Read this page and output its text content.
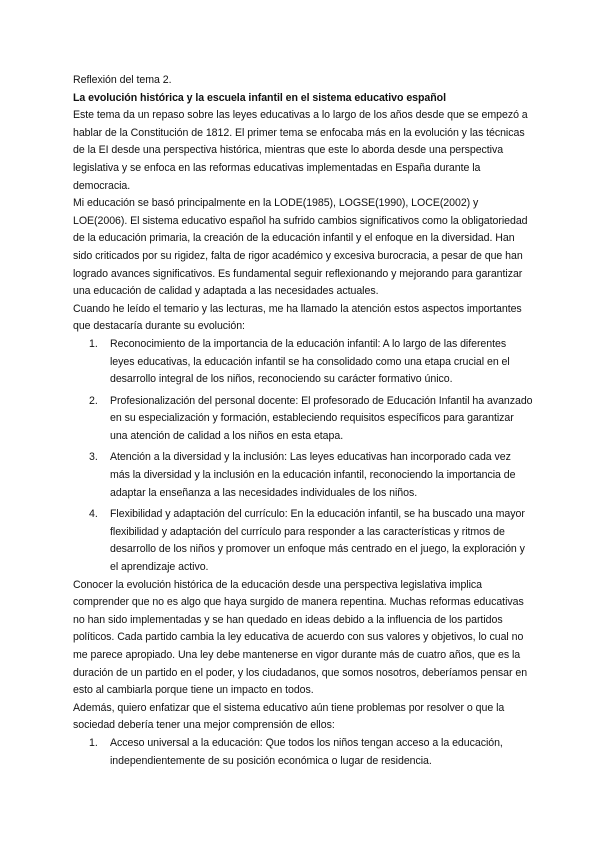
Reflexión del tema 2.

La evolución histórica y la escuela infantil en el sistema educativo español

Este tema da un repaso sobre las leyes educativas a lo largo de los años desde que se empezó a hablar de la Constitución de 1812. El primer tema se enfocaba más en la evolución y las técnicas de la EI desde una perspectiva histórica, mientras que este lo aborda desde una perspectiva legislativa y se enfoca en las reformas educativas implementadas en España durante la democracia.

Mi educación se basó principalmente en la LODE(1985), LOGSE(1990), LOCE(2002) y LOE(2006). El sistema educativo español ha sufrido cambios significativos como la obligatoriedad de la educación primaria, la creación de la educación infantil y el enfoque en la diversidad. Han sido criticados por su rigidez, falta de rigor académico y excesiva burocracia, a pesar de que han logrado avances significativos. Es fundamental seguir reflexionando y mejorando para garantizar una educación de calidad y adaptada a las necesidades actuales.

Cuando he leído el temario y las lecturas, me ha llamado la atención estos aspectos importantes que destacaría durante su evolución:

1. Reconocimiento de la importancia de la educación infantil: A lo largo de las diferentes leyes educativas, la educación infantil se ha consolidado como una etapa crucial en el desarrollo integral de los niños, reconociendo su carácter formativo único.
2. Profesionalización del personal docente: El profesorado de Educación Infantil ha avanzado en su especialización y formación, estableciendo requisitos específicos para garantizar una atención de calidad a los niños en esta etapa.
3. Atención a la diversidad y la inclusión: Las leyes educativas han incorporado cada vez más la diversidad y la inclusión en la educación infantil, reconociendo la importancia de adaptar la enseñanza a las necesidades individuales de los niños.
4. Flexibilidad y adaptación del currículo: En la educación infantil, se ha buscado una mayor flexibilidad y adaptación del currículo para responder a las características y ritmos de desarrollo de los niños y promover un enfoque más centrado en el juego, la exploración y el aprendizaje activo.

Conocer la evolución histórica de la educación desde una perspectiva legislativa implica comprender que no es algo que haya surgido de manera repentina. Muchas reformas educativas no han sido implementadas y se han quedado en ideas debido a la influencia de los partidos políticos. Cada partido cambia la ley educativa de acuerdo con sus valores y objetivos, lo cual no me parece apropiado. Una ley debe mantenerse en vigor durante más de cuatro años, que es la duración de un partido en el poder, y los ciudadanos, que somos nosotros, deberíamos pensar en esto al cambiarla porque tiene un impacto en todos.

Además, quiero enfatizar que el sistema educativo aún tiene problemas por resolver o que la sociedad debería tener una mejor comprensión de ellos:

1. Acceso universal a la educación: Que todos los niños tengan acceso a la educación, independientemente de su posición económica o lugar de residencia.
